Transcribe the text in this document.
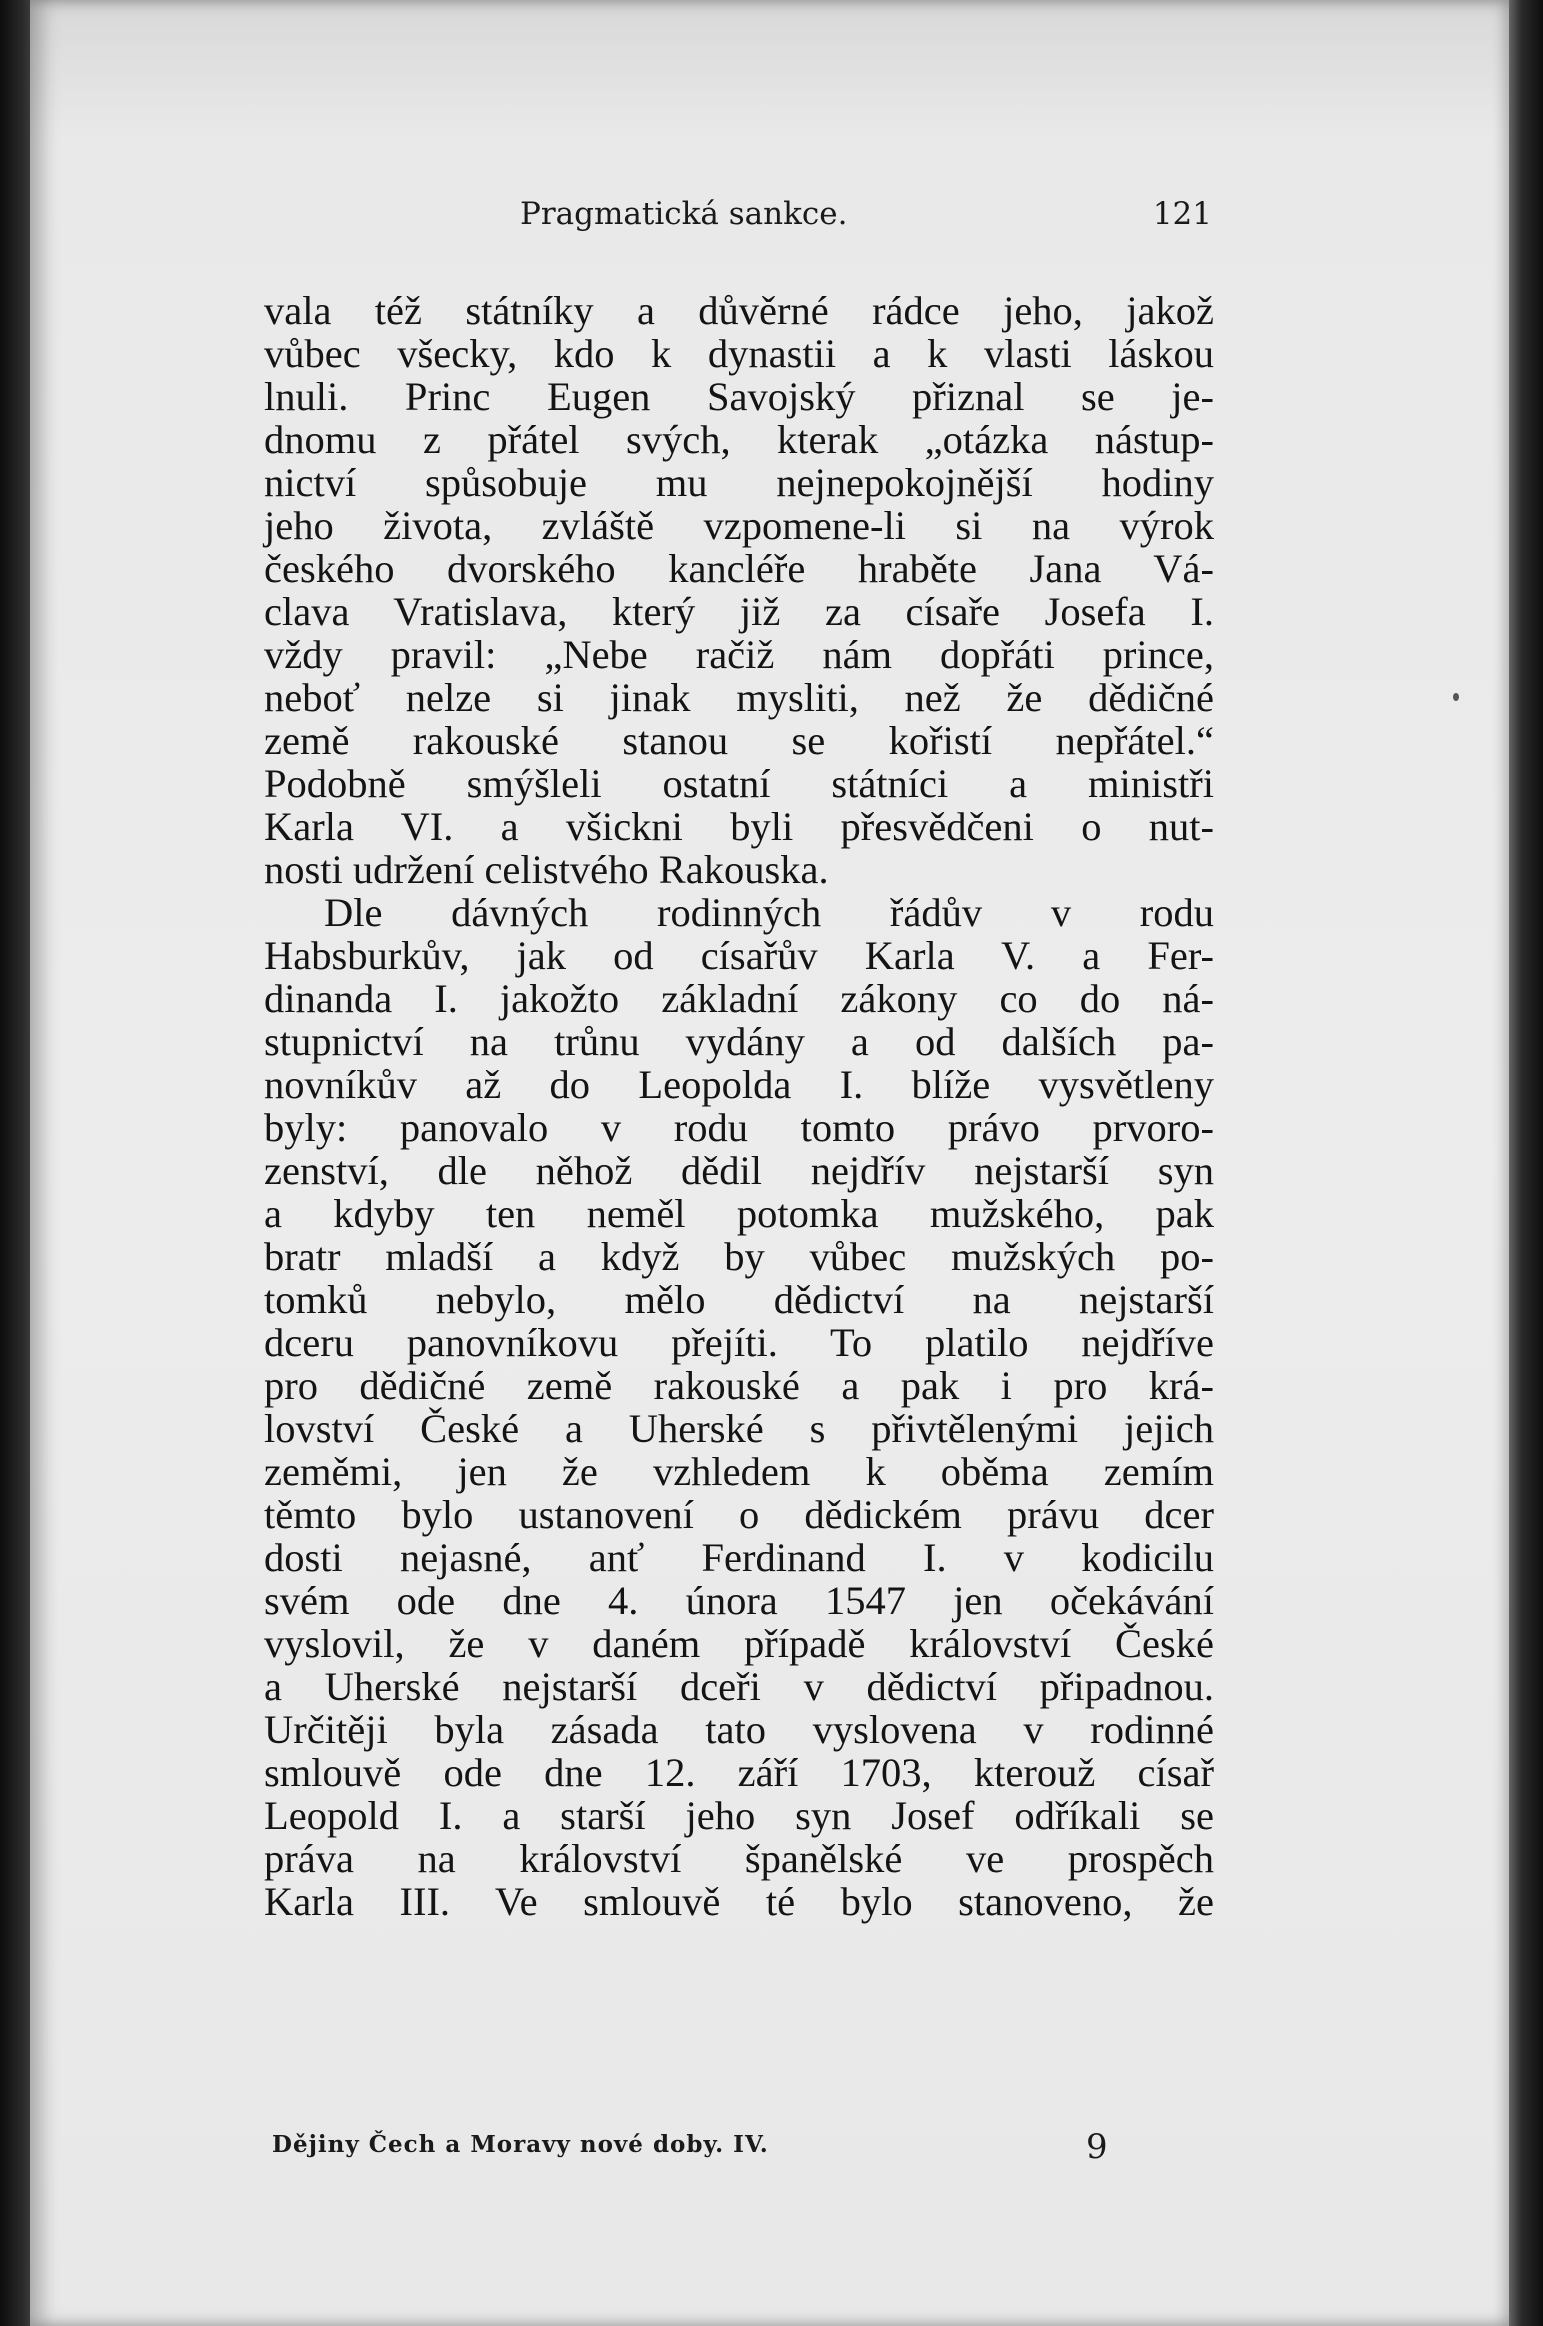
Pragmatická sankce.	121
vala též státníky a důvěrné rádce jeho, jakož
vůbec všecky, kdo k dynastii a k vlasti láskou
lnuli. Princ Eugen Savojský přiznal se je-
dnomu z přátel svých, kterak „otázka nástup-
nictví spůsobuje mu nejnepokojnější hodiny
jeho života, zvláště vzpomene-li si na výrok
českého dvorského kancléře hraběte Jana Vá-
clava Vratislava, který již za císaře Josefa I.
vždy pravil: „Nebe račiž nám dopřáti prince,
neboť nelze si jinak mysliti, než že dědičné
země rakouské stanou se kořistí nepřátel.“
Podobně smýšleli ostatní státníci a ministři
Karla VI. a všickni byli přesvědčeni o nut-
nosti udržení celistvého Rakouska.
Dle dávných rodinných řádův v rodu
Habsburkův, jak od císařův Karla V. a Fer-
dinanda I. jakožto základní zákony co do ná-
stupnictví na trůnu vydány a od dalších pa-
novníkův až do Leopolda I. blíže vysvětleny
byly: panovalo v rodu tomto právo prvoro-
zenství, dle něhož dědil nejdřív nejstarší syn
a kdyby ten neměl potomka mužského, pak
bratr mladší a když by vůbec mužských po-
tomků nebylo, mělo dědictví na nejstarší
dceru panovníkovu přejíti. To platilo nejdříve
pro dědičné země rakouské a pak i pro krá-
lovství České a Uherské s přivtělenými jejich
zeměmi, jen že vzhledem k oběma zemím
těmto bylo ustanovení o dědickém právu dcer
dosti nejasné, anť Ferdinand I. v kodicilu
svém ode dne 4. února 1547 jen očekávání
vyslovil, že v daném případě království České
a Uherské nejstarší dceři v dědictví připadnou.
Určitěji byla zásada tato vyslovena v rodinné
smlouvě ode dne 12. září 1703, kterouž císař
Leopold I. a starší jeho syn Josef odříkali se
práva na království španělské ve prospěch
Karla III. Ve smlouvě té bylo stanoveno, že
Dějiny Čech a Moravy nové doby. IV.	9
